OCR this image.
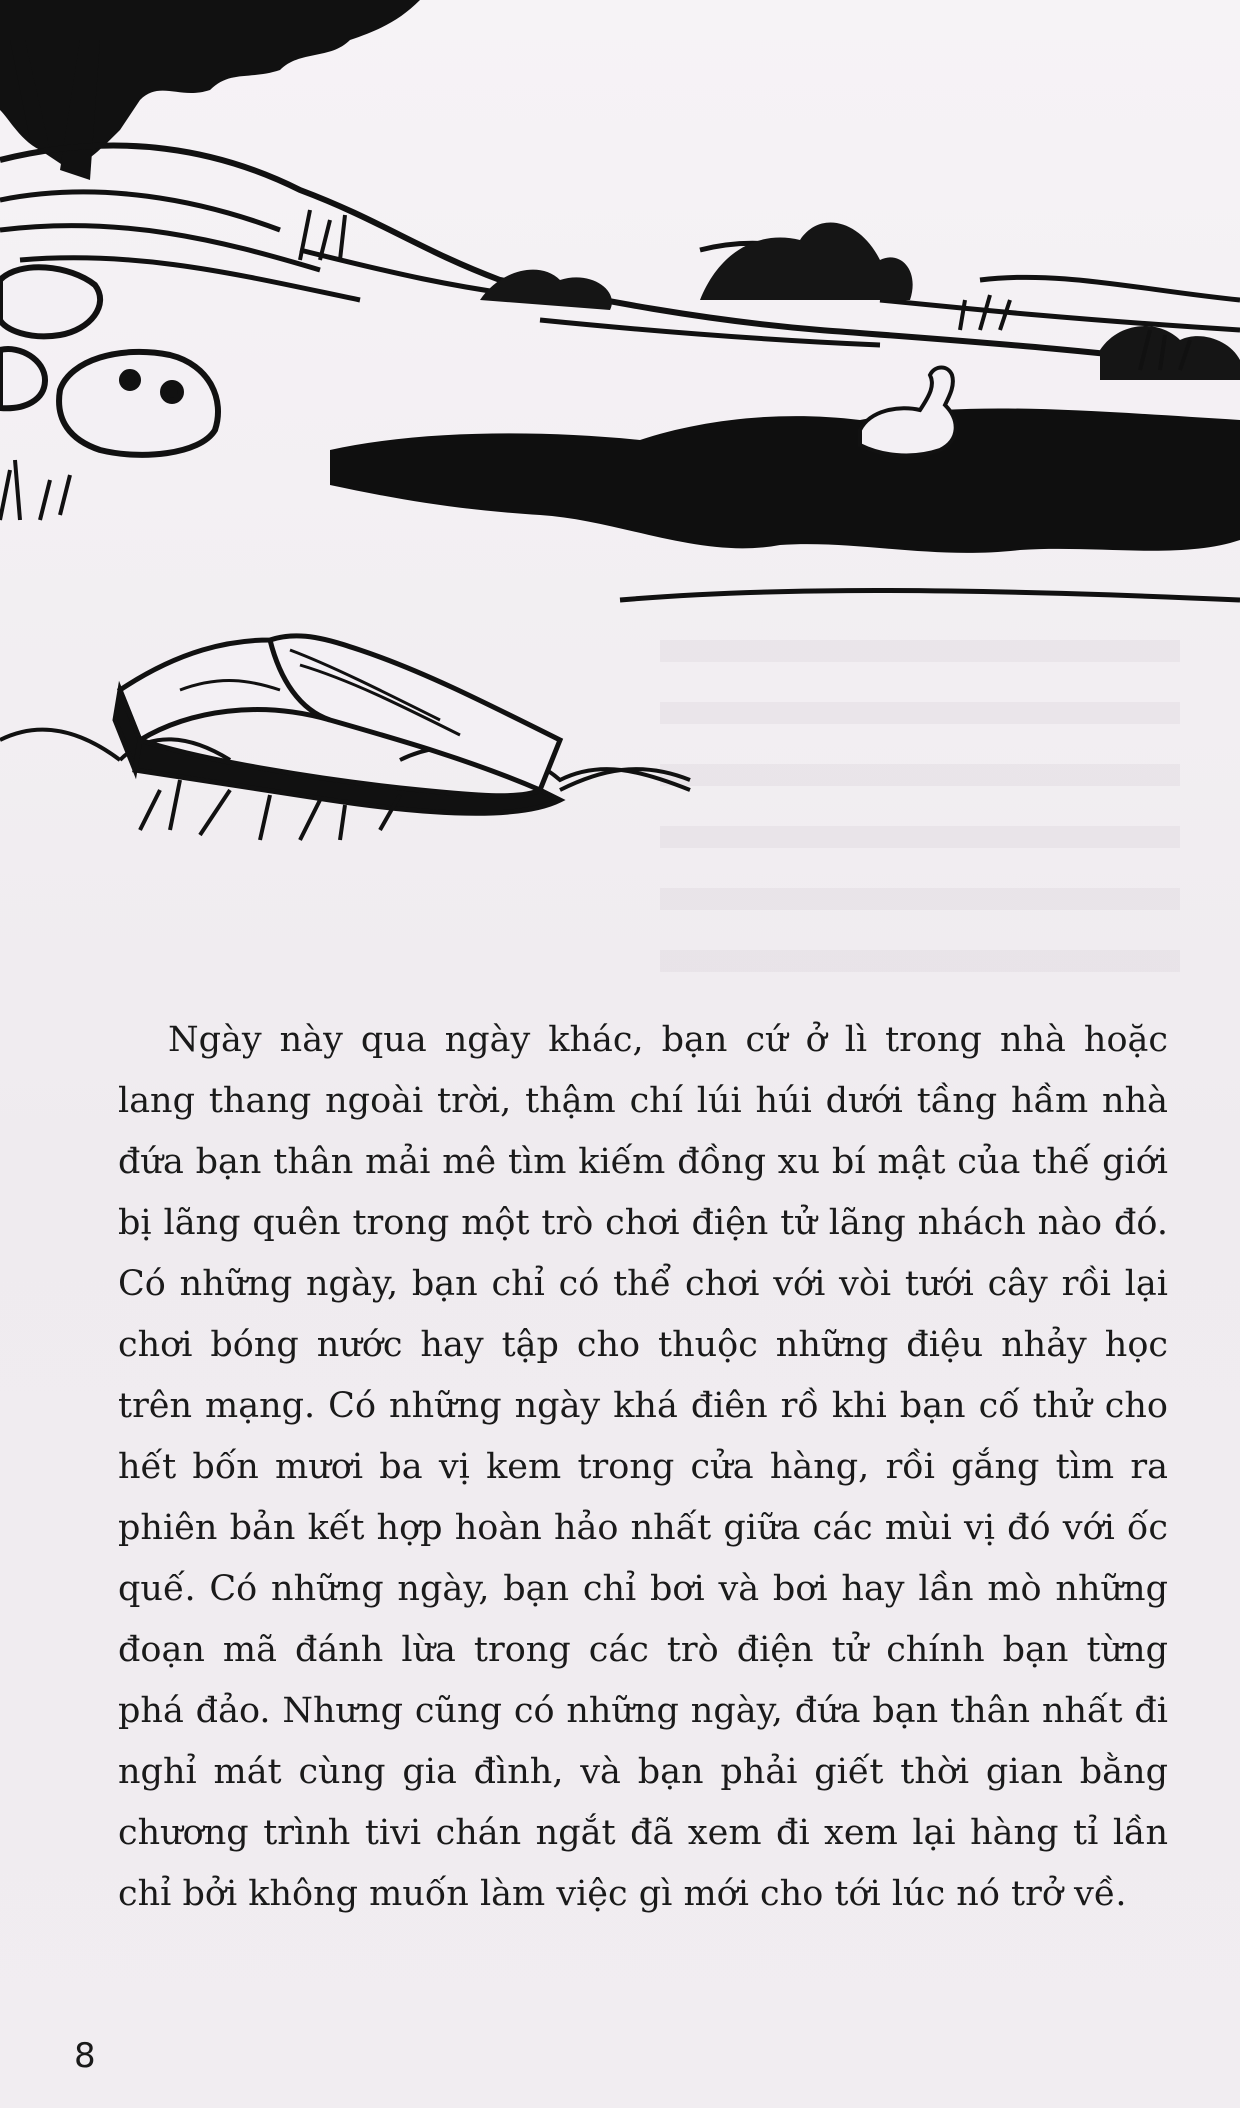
Ngày này qua ngày khác, bạn cứ ở lì trong nhà hoặc lang thang ngoài trời, thậm chí lúi húi dưới tầng hầm nhà đứa bạn thân mải mê tìm kiếm đồng xu bí mật của thế giới bị lãng quên trong một trò chơi điện tử lãng nhách nào đó. Có những ngày, bạn chỉ có thể chơi với vòi tưới cây rồi lại chơi bóng nước hay tập cho thuộc những điệu nhảy học trên mạng. Có những ngày khá điên rồ khi bạn cố thử cho hết bốn mươi ba vị kem trong cửa hàng, rồi gắng tìm ra phiên bản kết hợp hoàn hảo nhất giữa các mùi vị đó với ốc quế. Có những ngày, bạn chỉ bơi và bơi hay lần mò những đoạn mã đánh lừa trong các trò điện tử chính bạn từng phá đảo. Nhưng cũng có những ngày, đứa bạn thân nhất đi nghỉ mát cùng gia đình, và bạn phải giết thời gian bằng chương trình tivi chán ngắt đã xem đi xem lại hàng tỉ lần chỉ bởi không muốn làm việc gì mới cho tới lúc nó trở về.

8
